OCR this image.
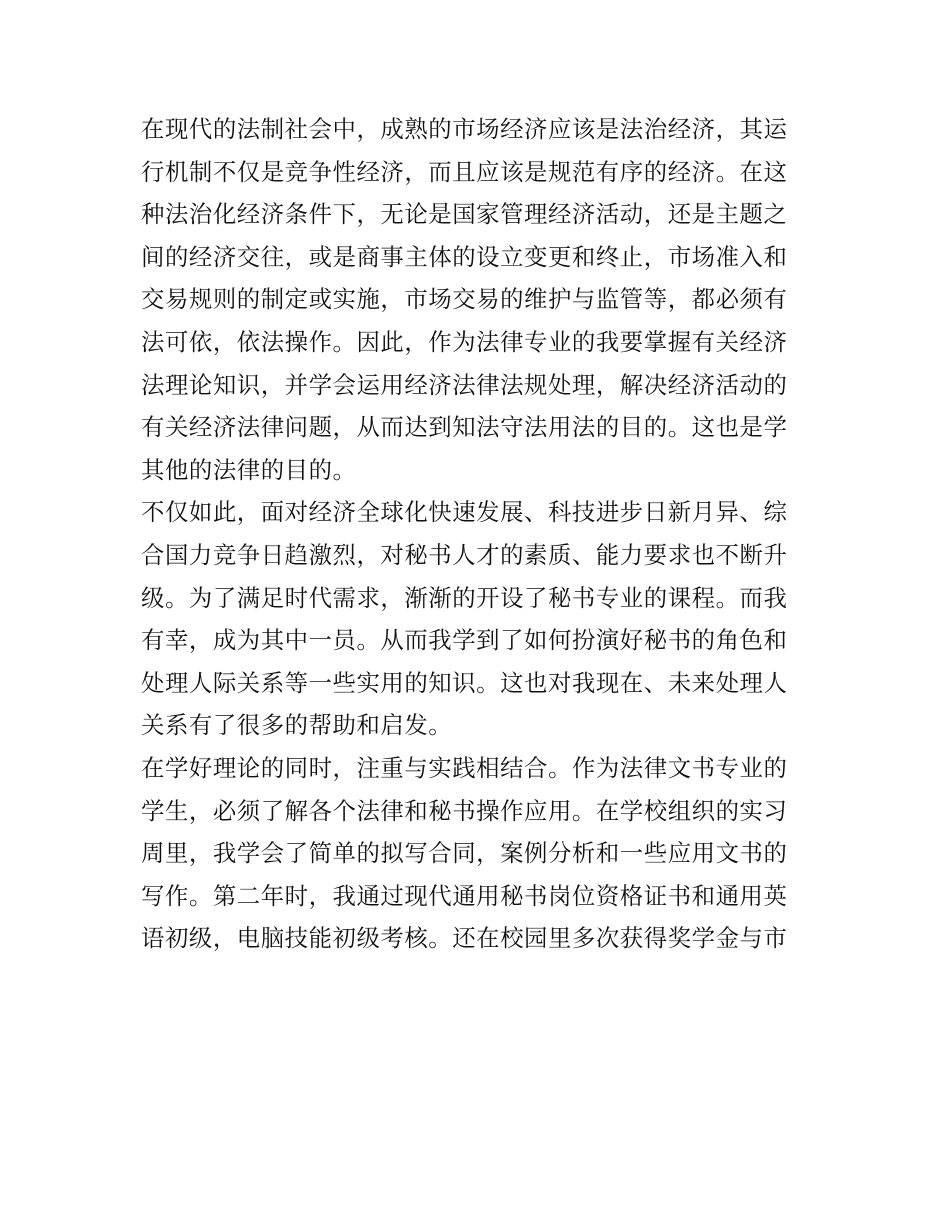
在现代的法制社会中，成熟的市场经济应该是法治经济，其运
行机制不仅是竞争性经济，而且应该是规范有序的经济。在这
种法治化经济条件下，无论是国家管理经济活动，还是主题之
间的经济交往，或是商事主体的设立变更和终止，市场准入和
交易规则的制定或实施，市场交易的维护与监管等，都必须有
法可依，依法操作。因此，作为法律专业的我要掌握有关经济
法理论知识，并学会运用经济法律法规处理，解决经济活动的
有关经济法律问题，从而达到知法守法用法的目的。这也是学
其他的法律的目的。
不仅如此，面对经济全球化快速发展、科技进步日新月异、综
合国力竞争日趋激烈，对秘书人才的素质、能力要求也不断升
级。为了满足时代需求，渐渐的开设了秘书专业的课程。而我
有幸，成为其中一员。从而我学到了如何扮演好秘书的角色和
处理人际关系等一些实用的知识。这也对我现在、未来处理人
关系有了很多的帮助和启发。
在学好理论的同时，注重与实践相结合。作为法律文书专业的
学生，必须了解各个法律和秘书操作应用。在学校组织的实习
周里，我学会了简单的拟写合同，案例分析和一些应用文书的
写作。第二年时，我通过现代通用秘书岗位资格证书和通用英
语初级，电脑技能初级考核。还在校园里多次获得奖学金与市
